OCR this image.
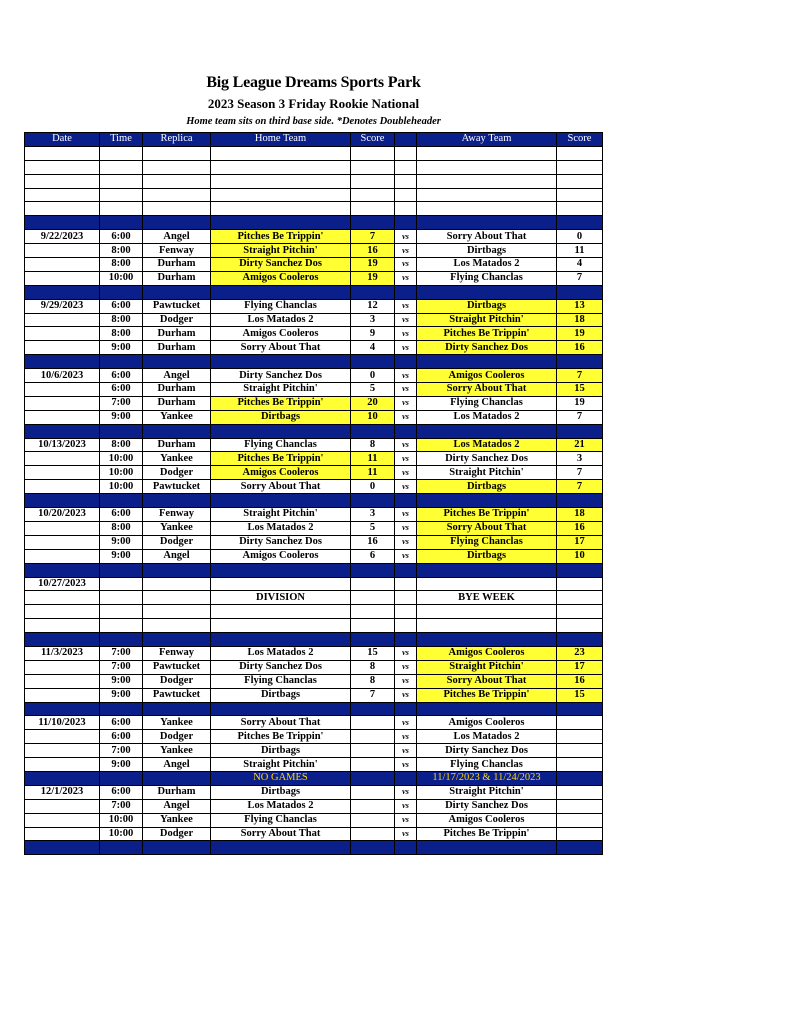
Big League Dreams Sports Park
2023 Season 3 Friday Rookie National
Home team sits on third base side. *Denotes Doubleheader
Date	Time	Replica	Home Team	Score		Away Team	Score

9/22/2023	6:00	Angel	Pitches Be Trippin'	7	vs	Sorry About That	0
	8:00	Fenway	Straight Pitchin'	16	vs	Dirtbags	11
	8:00	Durham	Dirty Sanchez Dos	19	vs	Los Matados 2	4
	10:00	Durham	Amigos Cooleros	19	vs	Flying Chanclas	7

9/29/2023	6:00	Pawtucket	Flying Chanclas	12	vs	Dirtbags	13
	8:00	Dodger	Los Matados 2	3	vs	Straight Pitchin'	18
	8:00	Durham	Amigos Cooleros	9	vs	Pitches Be Trippin'	19
	9:00	Durham	Sorry About That	4	vs	Dirty Sanchez Dos	16

10/6/2023	6:00	Angel	Dirty Sanchez Dos	0	vs	Amigos Cooleros	7
	6:00	Durham	Straight Pitchin'	5	vs	Sorry About That	15
	7:00	Durham	Pitches Be Trippin'	20	vs	Flying Chanclas	19
	9:00	Yankee	Dirtbags	10	vs	Los Matados 2	7

10/13/2023	8:00	Durham	Flying Chanclas	8	vs	Los Matados 2	21
	10:00	Yankee	Pitches Be Trippin'	11	vs	Dirty Sanchez Dos	3
	10:00	Dodger	Amigos Cooleros	11	vs	Straight Pitchin'	7
	10:00	Pawtucket	Sorry About That	0	vs	Dirtbags	7

10/20/2023	6:00	Fenway	Straight Pitchin'	3	vs	Pitches Be Trippin'	18
	8:00	Yankee	Los Matados 2	5	vs	Sorry About That	16
	9:00	Dodger	Dirty Sanchez Dos	16	vs	Flying Chanclas	17
	9:00	Angel	Amigos Cooleros	6	vs	Dirtbags	10

10/27/2023							
			DIVISION			BYE WEEK	

11/3/2023	7:00	Fenway	Los Matados 2	15	vs	Amigos Cooleros	23
	7:00	Pawtucket	Dirty Sanchez Dos	8	vs	Straight Pitchin'	17
	9:00	Dodger	Flying Chanclas	8	vs	Sorry About That	16
	9:00	Pawtucket	Dirtbags	7	vs	Pitches Be Trippin'	15

11/10/2023	6:00	Yankee	Sorry About That		vs	Amigos Cooleros	
	6:00	Dodger	Pitches Be Trippin'		vs	Los Matados 2	
	7:00	Yankee	Dirtbags		vs	Dirty Sanchez Dos	
	9:00	Angel	Straight Pitchin'		vs	Flying Chanclas	
			NO GAMES			11/17/2023 & 11/24/2023	
12/1/2023	6:00	Durham	Dirtbags		vs	Straight Pitchin'	
	7:00	Angel	Los Matados 2		vs	Dirty Sanchez Dos	
	10:00	Yankee	Flying Chanclas		vs	Amigos Cooleros	
	10:00	Dodger	Sorry About That		vs	Pitches Be Trippin'	
